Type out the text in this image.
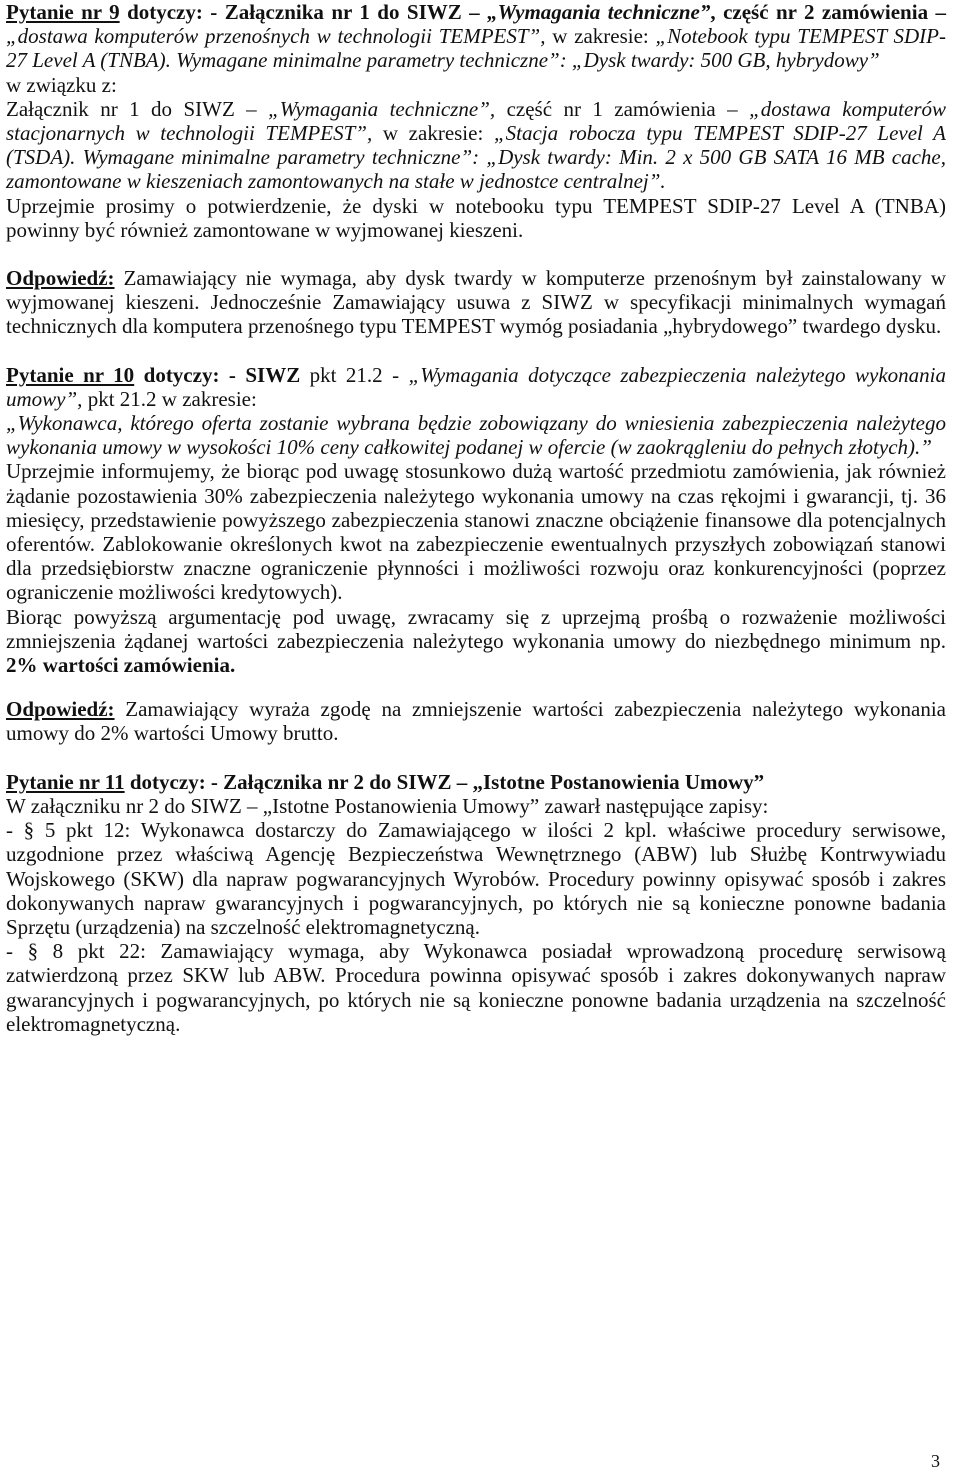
Pytanie nr 9 dotyczy: - Załącznika nr 1 do SIWZ – „Wymagania techniczne”, część nr 2 zamówienia – „dostawa komputerów przenośnych w technologii TEMPEST”, w zakresie: „Notebook typu TEMPEST SDIP-27 Level A (TNBA). Wymagane minimalne parametry techniczne”: „Dysk twardy: 500 GB, hybrydowy”

w związku z:

Załącznik nr 1 do SIWZ – „Wymagania techniczne”, część nr 1 zamówienia – „dostawa komputerów stacjonarnych w technologii TEMPEST”, w zakresie: „Stacja robocza typu TEMPEST SDIP-27 Level A (TSDA). Wymagane minimalne parametry techniczne”: „Dysk twardy: Min. 2 x 500 GB SATA 16 MB cache, zamontowane w kieszeniach zamontowanych na stałe w jednostce centralnej”.

Uprzejmie prosimy o potwierdzenie, że dyski w notebooku typu TEMPEST SDIP-27 Level A (TNBA) powinny być również zamontowane w wyjmowanej kieszeni.

Odpowiedź: Zamawiający nie wymaga, aby dysk twardy w komputerze przenośnym był zainstalowany w wyjmowanej kieszeni. Jednocześnie Zamawiający usuwa z SIWZ w specyfikacji minimalnych wymagań technicznych dla komputera przenośnego typu TEMPEST wymóg posiadania „hybrydowego” twardego dysku.

Pytanie nr 10 dotyczy: - SIWZ pkt 21.2 - „Wymagania dotyczące zabezpieczenia należytego wykonania umowy”, pkt 21.2 w zakresie:

„Wykonawca, którego oferta zostanie wybrana będzie zobowiązany do wniesienia zabezpieczenia należytego wykonania umowy w wysokości 10% ceny całkowitej podanej w ofercie (w zaokrągleniu do pełnych złotych).”

Uprzejmie informujemy, że biorąc pod uwagę stosunkowo dużą wartość przedmiotu zamówienia, jak również żądanie pozostawienia 30% zabezpieczenia należytego wykonania umowy na czas rękojmi i gwarancji, tj. 36 miesięcy, przedstawienie powyższego zabezpieczenia stanowi znaczne obciążenie finansowe dla potencjalnych oferentów. Zablokowanie określonych kwot na zabezpieczenie ewentualnych przyszłych zobowiązań stanowi dla przedsiębiorstw znaczne ograniczenie płynności i możliwości rozwoju oraz konkurencyjności (poprzez ograniczenie możliwości kredytowych).

Biorąc powyższą argumentację pod uwagę, zwracamy się z uprzejmą prośbą o rozważenie możliwości zmniejszenia żądanej wartości zabezpieczenia należytego wykonania umowy do niezbędnego minimum np. 2% wartości zamówienia.

Odpowiedź: Zamawiający wyraża zgodę na zmniejszenie wartości zabezpieczenia należytego wykonania umowy do 2% wartości Umowy brutto.

Pytanie nr 11 dotyczy: - Załącznika nr 2 do SIWZ – „Istotne Postanowienia Umowy”

W załączniku nr 2 do SIWZ – „Istotne Postanowienia Umowy” zawarł następujące zapisy:

- § 5 pkt 12: Wykonawca dostarczy do Zamawiającego w ilości 2 kpl. właściwe procedury serwisowe, uzgodnione przez właściwą Agencję Bezpieczeństwa Wewnętrznego (ABW) lub Służbę Kontrwywiadu Wojskowego (SKW) dla napraw pogwarancyjnych Wyrobów. Procedury powinny opisywać sposób i zakres dokonywanych napraw gwarancyjnych i pogwarancyjnych, po których nie są konieczne ponowne badania Sprzętu (urządzenia) na szczelność elektromagnetyczną.

- § 8 pkt 22: Zamawiający wymaga, aby Wykonawca posiadał wprowadzoną procedurę serwisową zatwierdzoną przez SKW lub ABW. Procedura powinna opisywać sposób i zakres dokonywanych napraw gwarancyjnych i pogwarancyjnych, po których nie są konieczne ponowne badania urządzenia na szczelność elektromagnetyczną.

3
